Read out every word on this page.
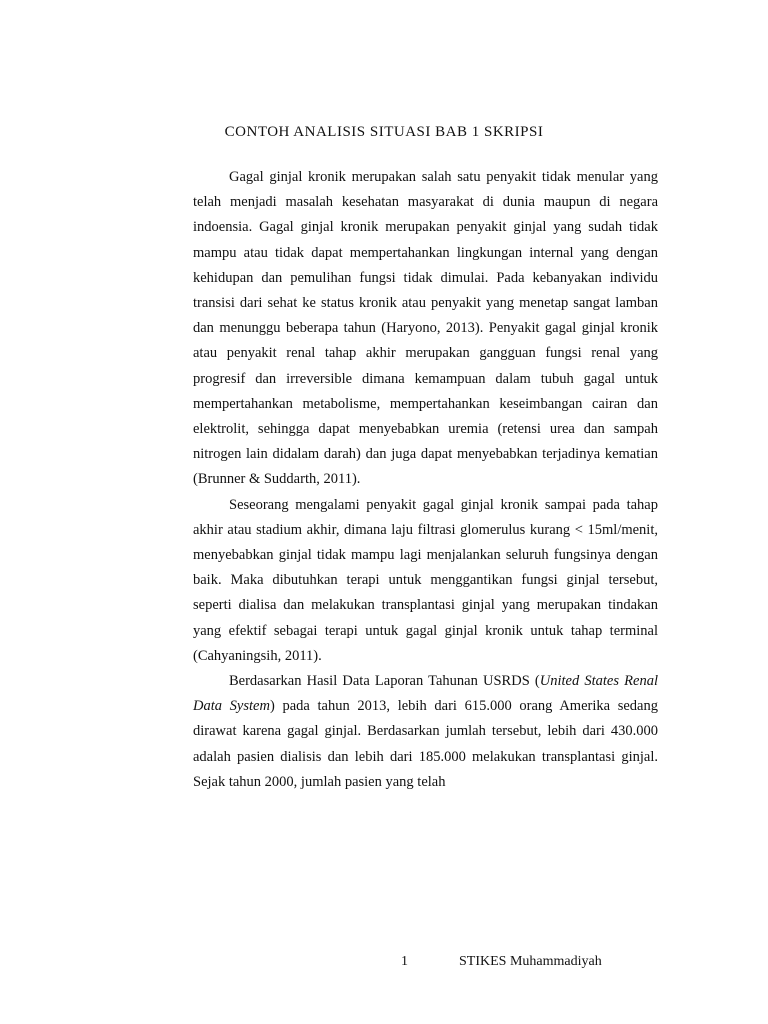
CONTOH ANALISIS SITUASI BAB 1 SKRIPSI

Gagal ginjal kronik merupakan salah satu penyakit tidak menular yang telah menjadi masalah kesehatan masyarakat di dunia maupun di negara indoensia. Gagal ginjal kronik merupakan penyakit ginjal yang sudah tidak mampu atau tidak dapat mempertahankan lingkungan internal yang dengan kehidupan dan pemulihan fungsi tidak dimulai. Pada kebanyakan individu transisi dari sehat ke status kronik atau penyakit yang menetap sangat lamban dan menunggu beberapa tahun (Haryono, 2013). Penyakit gagal ginjal kronik atau penyakit renal tahap akhir merupakan gangguan fungsi renal yang progresif dan irreversible dimana kemampuan dalam tubuh gagal untuk mempertahankan metabolisme, mempertahankan keseimbangan cairan dan elektrolit, sehingga dapat menyebabkan uremia (retensi urea dan sampah nitrogen lain didalam darah) dan juga dapat menyebabkan terjadinya kematian (Brunner & Suddarth, 2011).

Seseorang mengalami penyakit gagal ginjal kronik sampai pada tahap akhir atau stadium akhir, dimana laju filtrasi glomerulus kurang < 15ml/menit, menyebabkan ginjal tidak mampu lagi menjalankan seluruh fungsinya dengan baik. Maka dibutuhkan terapi untuk menggantikan fungsi ginjal tersebut, seperti dialisa dan melakukan transplantasi ginjal yang merupakan tindakan yang efektif sebagai terapi untuk gagal ginjal kronik untuk tahap terminal (Cahyaningsih, 2011).

Berdasarkan Hasil Data Laporan Tahunan USRDS (United States Renal Data System) pada tahun 2013, lebih dari 615.000 orang Amerika sedang dirawat karena gagal ginjal. Berdasarkan jumlah tersebut, lebih dari 430.000 adalah pasien dialisis dan lebih dari 185.000 melakukan transplantasi ginjal. Sejak tahun 2000, jumlah pasien yang telah

1	STIKES Muhammadiyah
